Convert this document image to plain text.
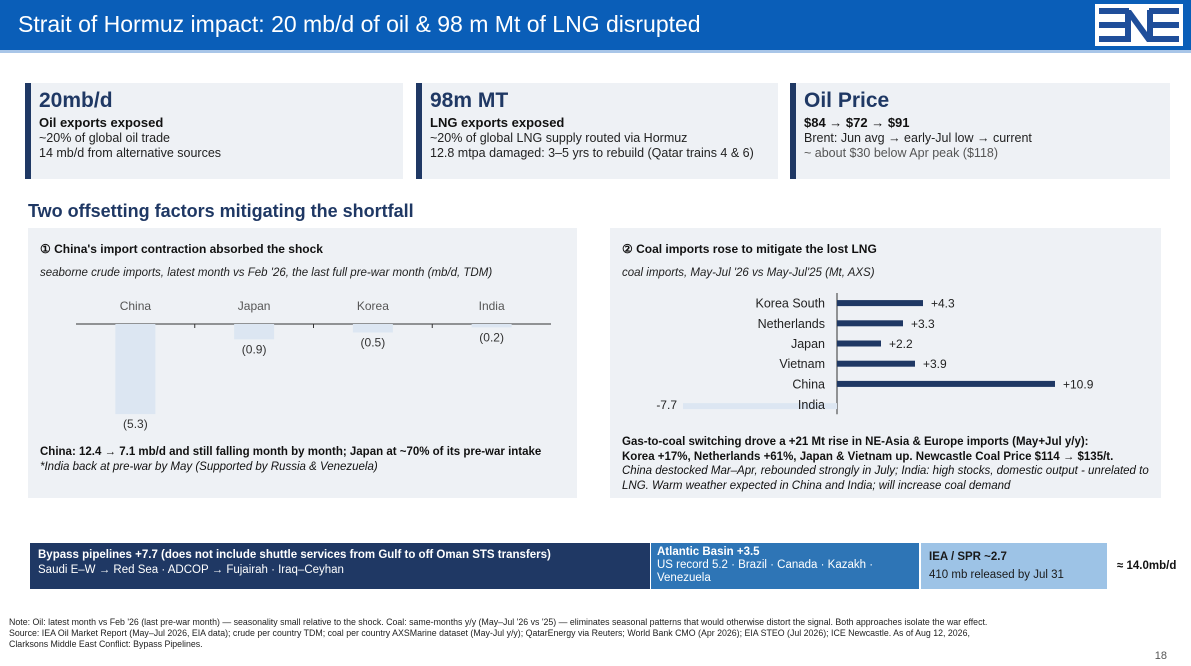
Strait of Hormuz impact: 20 mb/d of oil & 98 m Mt of LNG disrupted
20mb/d
Oil exports exposed
~20% of global oil trade
14 mb/d from alternative sources
98m MT
LNG exports exposed
~20% of global LNG supply routed via Hormuz
12.8 mtpa damaged: 3–5 yrs to rebuild (Qatar trains 4 & 6)
Oil Price
$84 → $72 → $91
Brent: Jun avg → early-Jul low → current
~ about $30 below Apr peak ($118)
Two offsetting factors mitigating the shortfall
① China's import contraction absorbed the shock
seaborne crude imports, latest month vs Feb '26, the last full pre-war month (mb/d, TDM)
China
(5.3)
Japan
(0.9)
Korea
(0.5)
India
(0.2)
China: 12.4 → 7.1 mb/d and still falling month by month; Japan at ~70% of its pre-war intake
*India back at pre-war by May (Supported by Russia & Venezuela)
② Coal imports rose to mitigate the lost LNG
coal imports, May-Jul '26 vs May-Jul'25 (Mt, AXS)
Korea South	+4.3
Netherlands	+3.3
Japan	+2.2
Vietnam	+3.9
China	+10.9
India
-7.7
Gas-to-coal switching drove a +21 Mt rise in NE-Asia & Europe imports (May+Jul y/y):
Korea +17%, Netherlands +61%, Japan & Vietnam up. Newcastle Coal Price $114 → $135/t.
China destocked Mar–Apr, rebounded strongly in July; India: high stocks, domestic output - unrelated to LNG. Warm weather expected in China and India; will increase coal demand
Bypass pipelines +7.7 (does not include shuttle services from Gulf to off Oman STS transfers)
Saudi E–W → Red Sea · ADCOP → Fujairah · Iraq–Ceyhan
Atlantic Basin +3.5
US record 5.2 · Brazil · Canada · Kazakh · Venezuela
IEA / SPR ~2.7
410 mb released by Jul 31
≈ 14.0mb/d
Note: Oil: latest month vs Feb '26 (last pre-war month) — seasonality small relative to the shock. Coal: same-months y/y (May–Jul '26 vs '25) — eliminates seasonal patterns that would otherwise distort the signal. Both approaches isolate the war effect.
Source: IEA Oil Market Report (May–Jul 2026, EIA data); crude per country TDM; coal per country AXSMarine dataset (May-Jul y/y); QatarEnergy via Reuters; World Bank CMO (Apr 2026); EIA STEO (Jul 2026); ICE Newcastle. As of Aug 12, 2026,
Clarksons Middle East Conflict: Bypass Pipelines.
18
